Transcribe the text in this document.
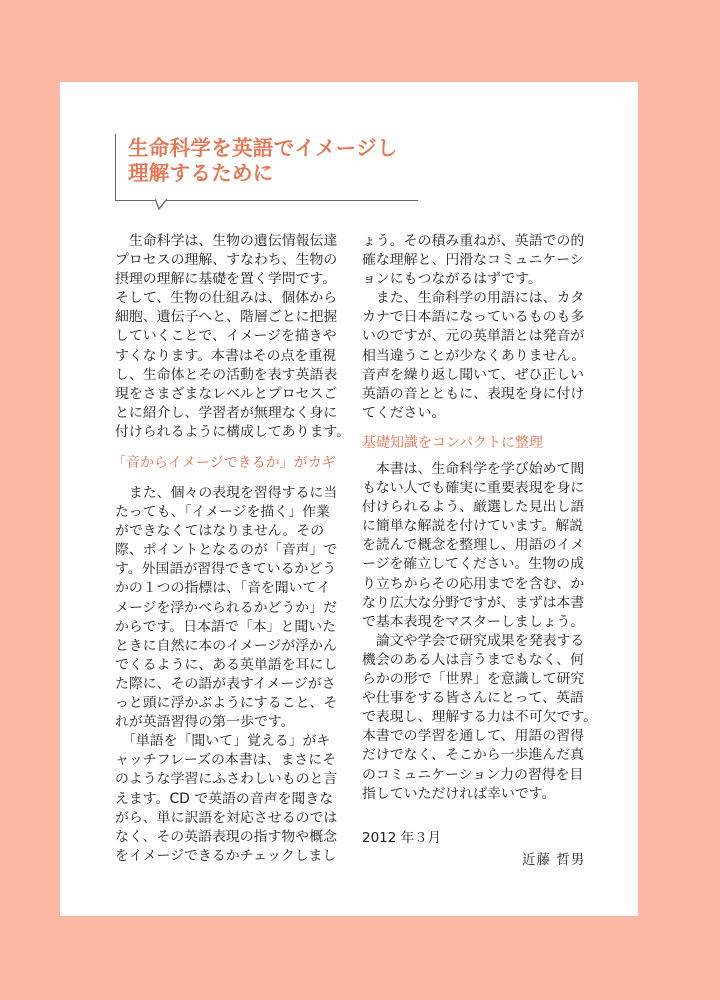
生命科学を英語でイメージし
理解するために
　生命科学は、生物の遺伝情報伝達
プロセスの理解、すなわち、生物の
摂理の理解に基礎を置く学問です。
そして、生物の仕組みは、個体から
細胞、遺伝子へと、階層ごとに把握
していくことで、イメージを描きや
すくなります。本書はその点を重視
し、生命体とその活動を表す英語表
現をさまざまなレベルとプロセスご
とに紹介し、学習者が無理なく身に
付けられるように構成してあります。
「音からイメージできるか」がカギ
　また、個々の表現を習得するに当
たっても、「イメージを描く」作業
ができなくてはなりません。その
際、ポイントとなるのが「音声」で
す。外国語が習得できているかどう
かの１つの指標は、「音を聞いてイ
メージを浮かべられるかどうか」だ
からです。日本語で「本」と聞いた
ときに自然に本のイメージが浮かん
でくるように、ある英単語を耳にし
た際に、その語が表すイメージがさ
っと頭に浮かぶようにすること、そ
れが英語習得の第一歩です。
　「単語を「聞いて」覚える」がキ
ャッチフレーズの本書は、まさにそ
のような学習にふさわしいものと言
えます。CD で英語の音声を聞きな
がら、単に訳語を対応させるのでは
なく、その英語表現の指す物や概念
をイメージできるかチェックしまし
ょう。その積み重ねが、英語での的
確な理解と、円滑なコミュニケーシ
ョンにもつながるはずです。
　また、生命科学の用語には、カタ
カナで日本語になっているものも多
いのですが、元の英単語とは発音が
相当違うことが少なくありません。
音声を繰り返し聞いて、ぜひ正しい
英語の音とともに、表現を身に付け
てください。
基礎知識をコンパクトに整理
　本書は、生命科学を学び始めて間
もない人でも確実に重要表現を身に
付けられるよう、厳選した見出し語
に簡単な解説を付けています。解説
を読んで概念を整理し、用語のイメ
ージを確立してください。生物の成
り立ちからその応用までを含む、か
なり広大な分野ですが、まずは本書
で基本表現をマスターしましょう。
　論文や学会で研究成果を発表する
機会のある人は言うまでもなく、何
らかの形で「世界」を意識して研究
や仕事をする皆さんにとって、英語
で表現し、理解する力は不可欠です。
本書での学習を通して、用語の習得
だけでなく、そこから一歩進んだ真
のコミュニケーション力の習得を目
指していただければ幸いです。
2012 年３月
近藤 哲男
